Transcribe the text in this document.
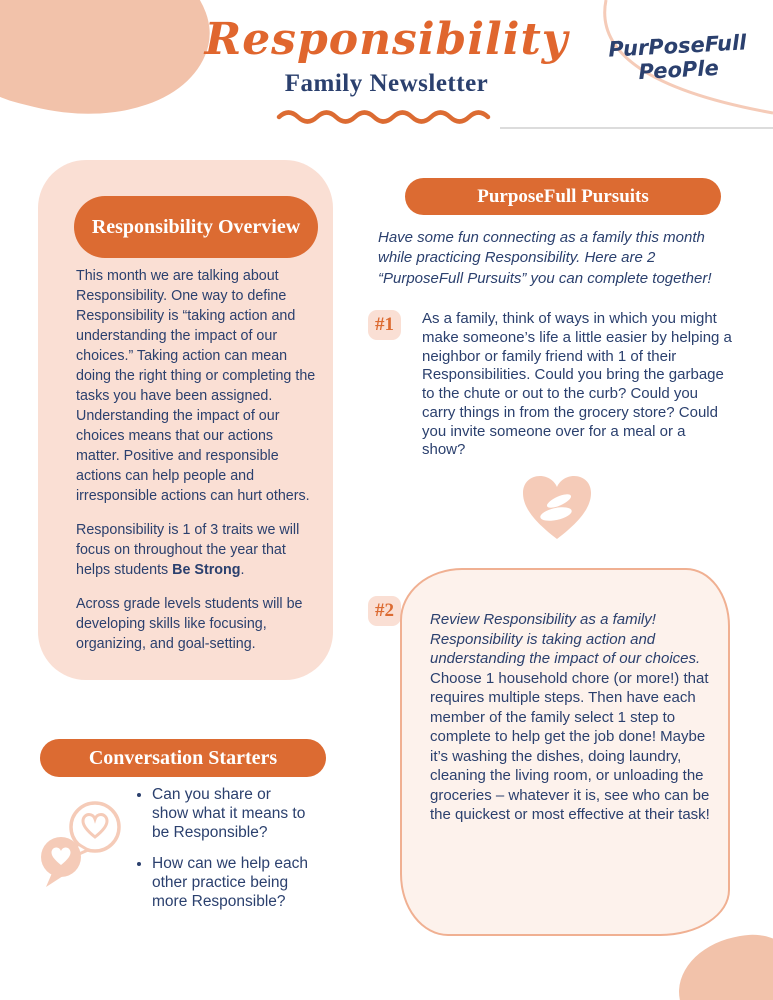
Responsibility
Family Newsletter
PurPoseFull
PeoPle
Responsibility Overview

This month we are talking about Responsibility. One way to define Responsibility is “taking action and understanding the impact of our choices.” Taking action can mean doing the right thing or completing the tasks you have been assigned. Understanding the impact of our choices means that our actions matter. Positive and responsible actions can help people and irresponsible actions can hurt others.

Responsibility is 1 of 3 traits we will focus on throughout the year that helps students Be Strong.

Across grade levels students will be developing skills like focusing, organizing, and goal-setting.

PurposeFull Pursuits
Have some fun connecting as a family this month while practicing Responsibility. Here are 2 “PurposeFull Pursuits” you can complete together!
#1	As a family, think of ways in which you might make someone’s life a little easier by helping a neighbor or family friend with 1 of their Responsibilities. Could you bring the garbage to the chute or out to the curb? Could you carry things in from the grocery store? Could you invite someone over for a meal or a show?
#2	Review Responsibility as a family! Responsibility is taking action and understanding the impact of our choices.
Choose 1 household chore (or more!) that requires multiple steps. Then have each member of the family select 1 step to complete to help get the job done! Maybe it’s washing the dishes, doing laundry, cleaning the living room, or unloading the groceries – whatever it is, see who can be the quickest or most effective at their task!
Conversation Starters
• Can you share or show what it means to be Responsible?
• How can we help each other practice being more Responsible?
